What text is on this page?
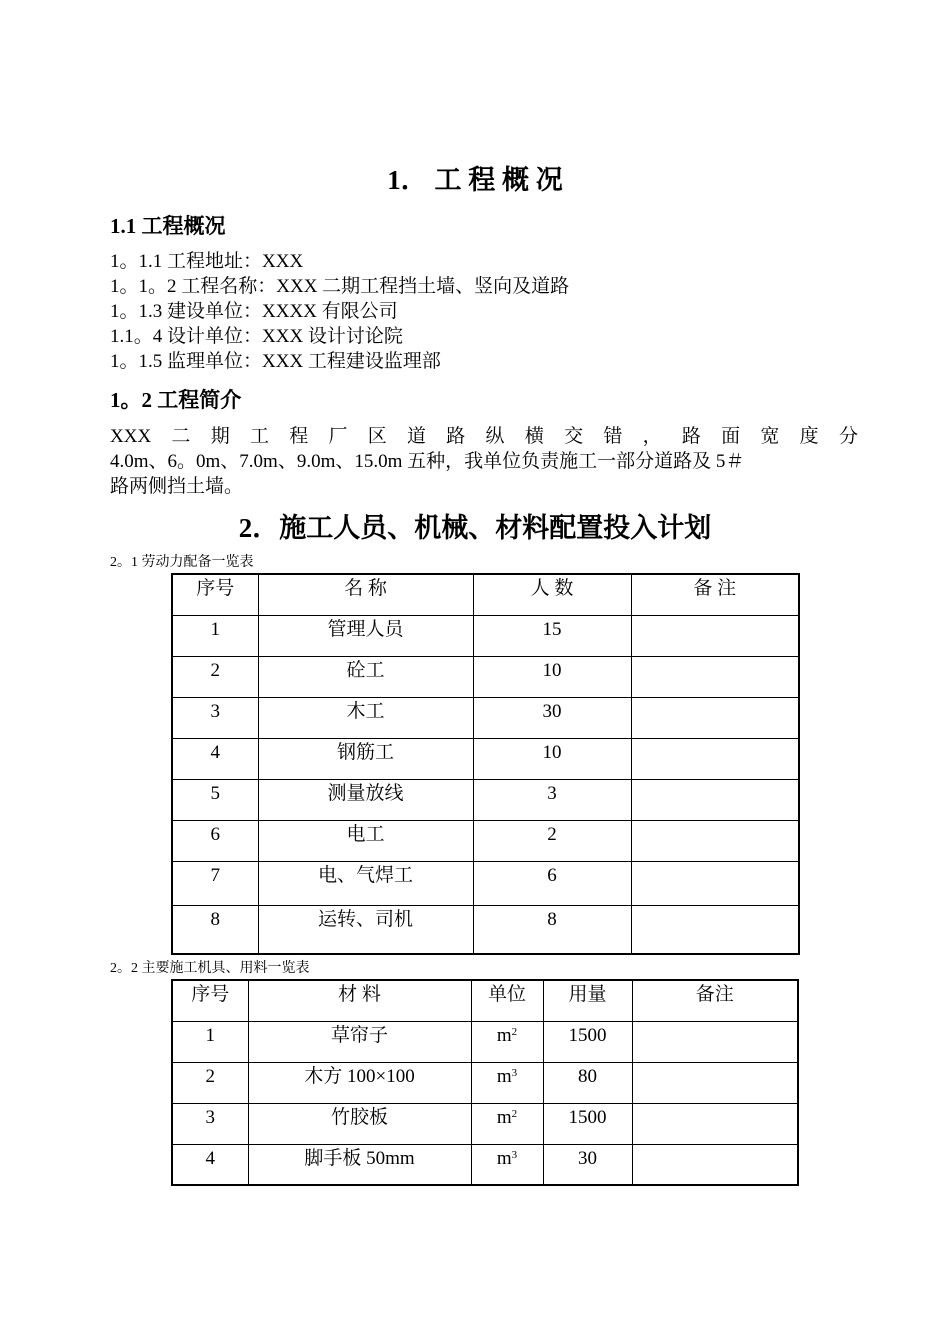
1． 工 程 概 况
1.1 工程概况
1。1.1 工程地址：XXX
1。1。2 工程名称：XXX 二期工程挡土墙、竖向及道路
1。1.3 建设单位：XXXX 有限公司
1.1。4 设计单位：XXX 设计讨论院
1。1.5 监理单位：XXX 工程建设监理部
1。2 工程简介
XXX 二 期 工 程 厂 区 道 路 纵 横 交 错 ， 路 面 宽 度 分
4.0m、6。0m、7.0m、9.0m、15.0m 五种，我单位负责施工一部分道路及 5＃
路两侧挡土墙。
2．施工人员、机械、材料配置投入计划
2。1 劳动力配备一览表
序号	名 称	人 数	备 注
1	管理人员	15	
2	砼工	10	
3	木工	30	
4	钢筋工	10	
5	测量放线	3	
6	电工	2	
7	电、气焊工	6	
8	运转、司机	8	
2。2 主要施工机具、用料一览表
序号	材 料	单位	用量	备注
1	草帘子	$m^2$	1500	
2	木方 100×100	$m^3$	80	
3	竹胶板	$m^2$	1500	
4	脚手板 50mm	$m^3$	30	
